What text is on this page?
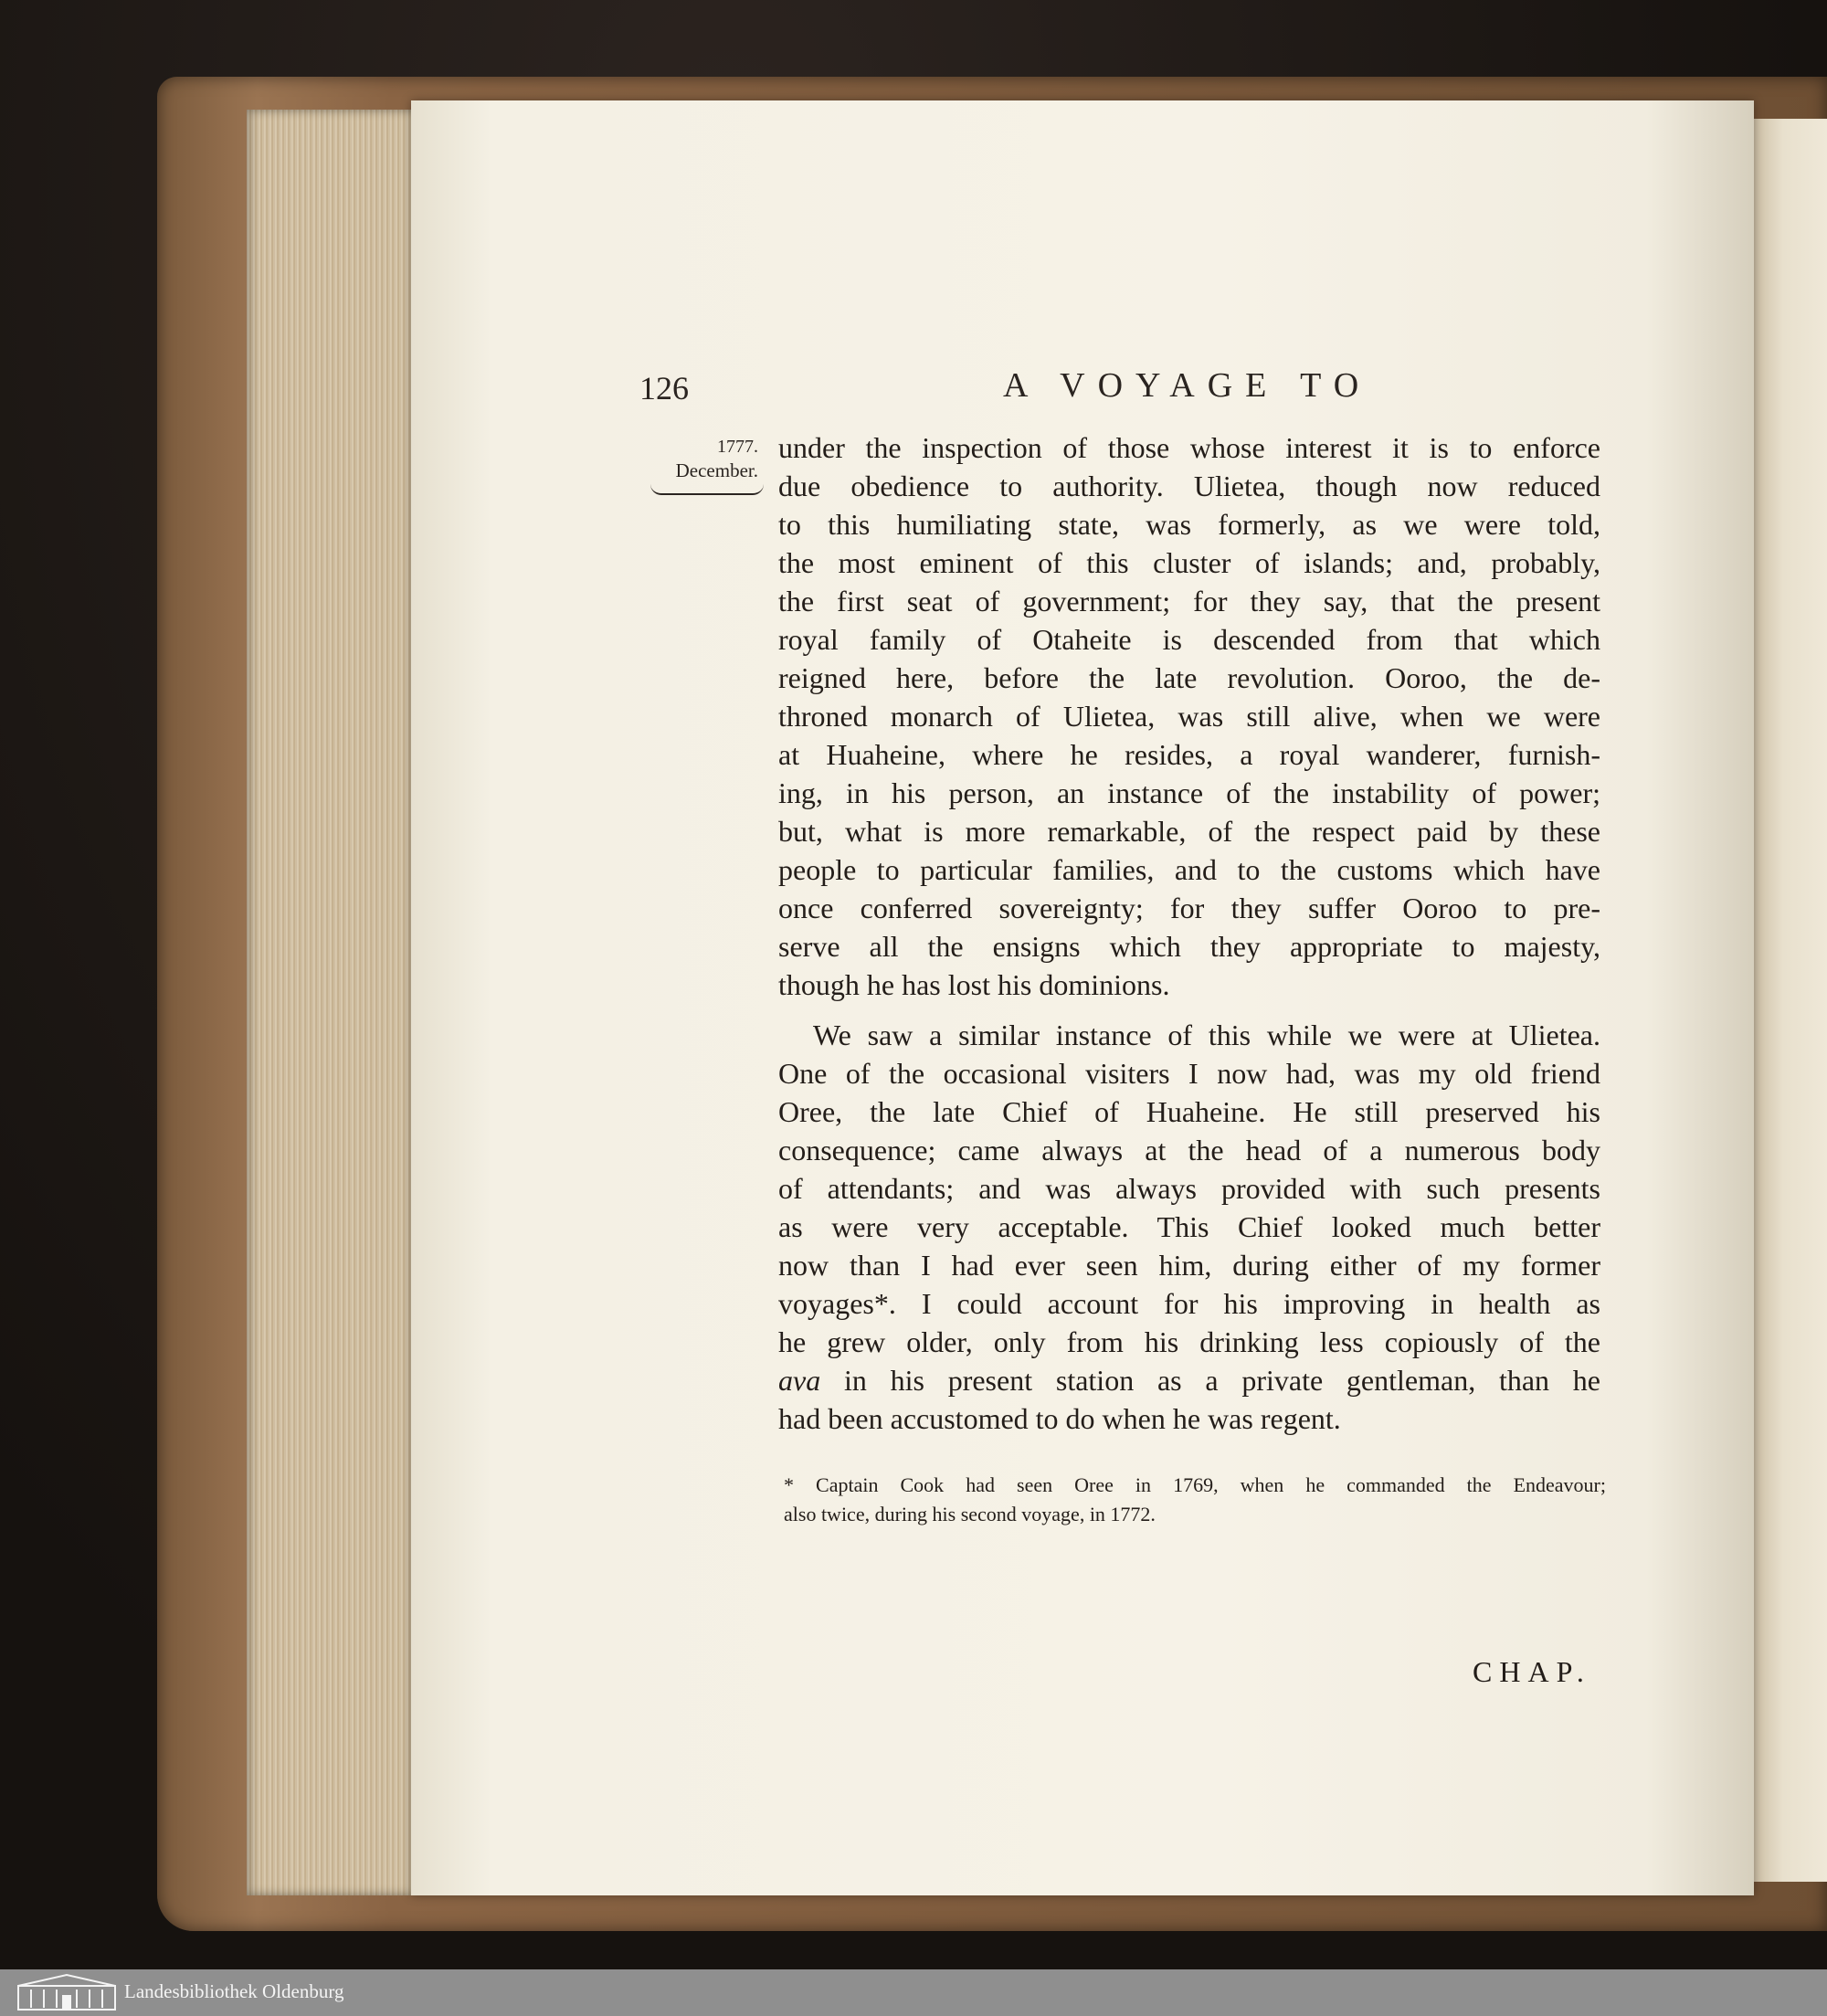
126	A VOYAGE TO
1777.
December.
under the inspection of those whose interest it is to enforce
due obedience to authority. Ulietea, though now reduced
to this humiliating state, was formerly, as we were told,
the most eminent of this cluster of islands; and, probably,
the first seat of government; for they say, that the present
royal family of Otaheite is descended from that which
reigned here, before the late revolution. Ooroo, the de-
throned monarch of Ulietea, was still alive, when we were
at Huaheine, where he resides, a royal wanderer, furnish-
ing, in his person, an instance of the instability of power;
but, what is more remarkable, of the respect paid by these
people to particular families, and to the customs which have
once conferred sovereignty; for they suffer Ooroo to pre-
serve all the ensigns which they appropriate to majesty,
though he has lost his dominions.
We saw a similar instance of this while we were at Ulietea.
One of the occasional visiters I now had, was my old friend
Oree, the late Chief of Huaheine. He still preserved his
consequence; came always at the head of a numerous body
of attendants; and was always provided with such presents
as were very acceptable. This Chief looked much better
now than I had ever seen him, during either of my former
voyages*. I could account for his improving in health as
he grew older, only from his drinking less copiously of the
ava in his present station as a private gentleman, than he
had been accustomed to do when he was regent.
* Captain Cook had seen Oree in 1769, when he commanded the Endeavour;
also twice, during his second voyage, in 1772.
CHAP.
Landesbibliothek Oldenburg
